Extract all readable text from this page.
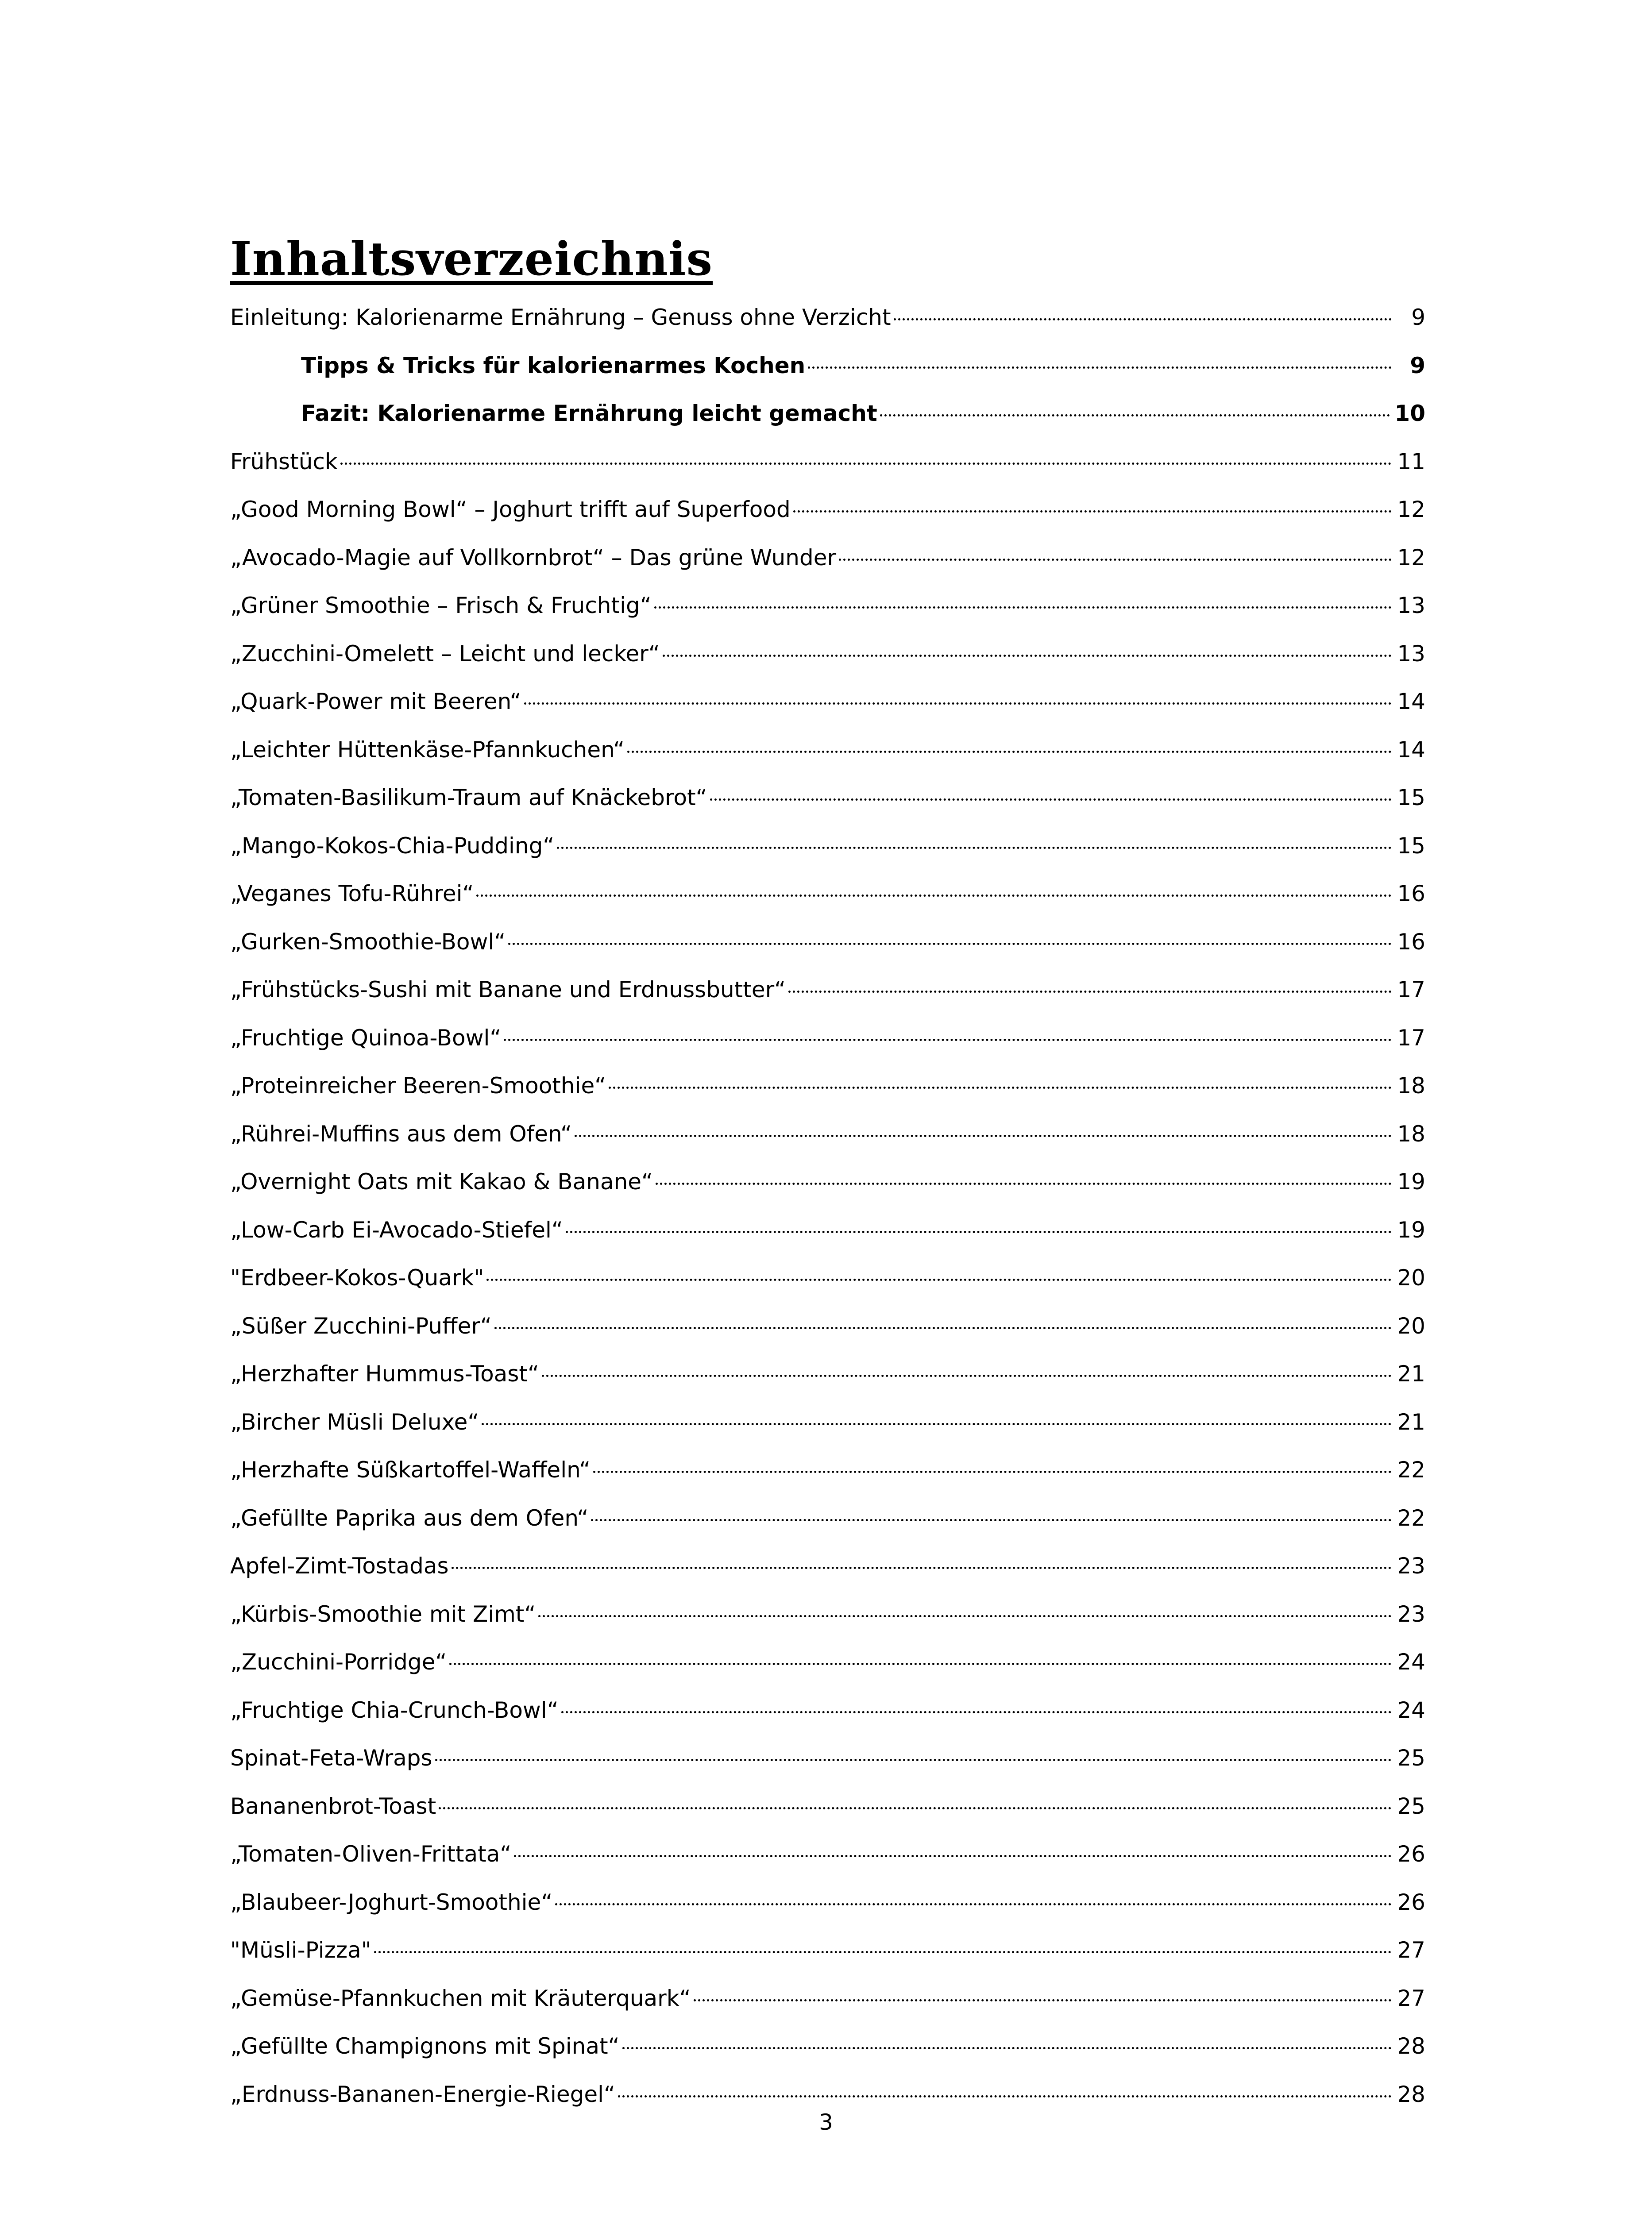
Inhaltsverzeichnis
Einleitung: Kalorienarme Ernährung – Genuss ohne Verzicht	9
Tipps & Tricks für kalorienarmes Kochen	9
Fazit: Kalorienarme Ernährung leicht gemacht	10
Frühstück	11
„Good Morning Bowl“ – Joghurt trifft auf Superfood	12
„Avocado-Magie auf Vollkornbrot“ – Das grüne Wunder	12
„Grüner Smoothie – Frisch & Fruchtig“	13
„Zucchini-Omelett – Leicht und lecker“	13
„Quark-Power mit Beeren“	14
„Leichter Hüttenkäse-Pfannkuchen“	14
„Tomaten-Basilikum-Traum auf Knäckebrot“	15
„Mango-Kokos-Chia-Pudding“	15
„Veganes Tofu-Rührei“	16
„Gurken-Smoothie-Bowl“	16
„Frühstücks-Sushi mit Banane und Erdnussbutter“	17
„Fruchtige Quinoa-Bowl“	17
„Proteinreicher Beeren-Smoothie“	18
„Rührei-Muffins aus dem Ofen“	18
„Overnight Oats mit Kakao & Banane“	19
„Low-Carb Ei-Avocado-Stiefel“	19
"Erdbeer-Kokos-Quark"	20
„Süßer Zucchini-Puffer“	20
„Herzhafter Hummus-Toast“	21
„Bircher Müsli Deluxe“	21
„Herzhafte Süßkartoffel-Waffeln“	22
„Gefüllte Paprika aus dem Ofen“	22
Apfel-Zimt-Tostadas	23
„Kürbis-Smoothie mit Zimt“	23
„Zucchini-Porridge“	24
„Fruchtige Chia-Crunch-Bowl“	24
Spinat-Feta-Wraps	25
Bananenbrot-Toast	25
„Tomaten-Oliven-Frittata“	26
„Blaubeer-Joghurt-Smoothie“	26
"Müsli-Pizza"	27
„Gemüse-Pfannkuchen mit Kräuterquark“	27
„Gefüllte Champignons mit Spinat“	28
„Erdnuss-Bananen-Energie-Riegel“	28
3
